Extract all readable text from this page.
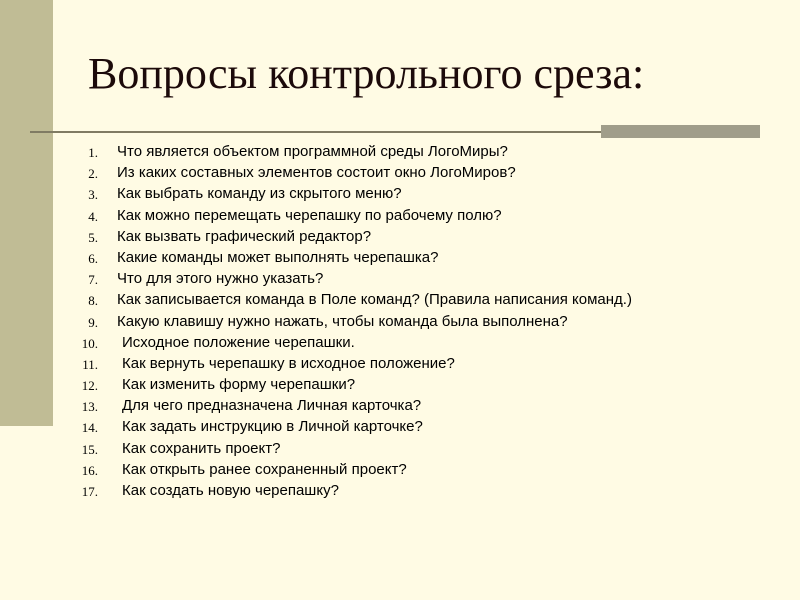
Вопросы контрольного среза:
1. Что является объектом программной среды ЛогоМиры?
2. Из каких составных элементов состоит окно ЛогоМиров?
3. Как выбрать команду из скрытого меню?
4. Как можно перемещать черепашку по рабочему полю?
5. Как вызвать графический редактор?
6. Какие команды может выполнять черепашка?
7. Что для этого нужно указать?
8. Как записывается команда в Поле команд? (Правила написания команд.)
9. Какую клавишу нужно нажать, чтобы команда была выполнена?
10. Исходное положение черепашки.
11. Как вернуть черепашку в исходное положение?
12. Как изменить форму черепашки?
13. Для чего предназначена Личная карточка?
14. Как задать инструкцию в Личной карточке?
15. Как сохранить проект?
16. Как открыть ранее сохраненный проект?
17. Как создать новую черепашку?
